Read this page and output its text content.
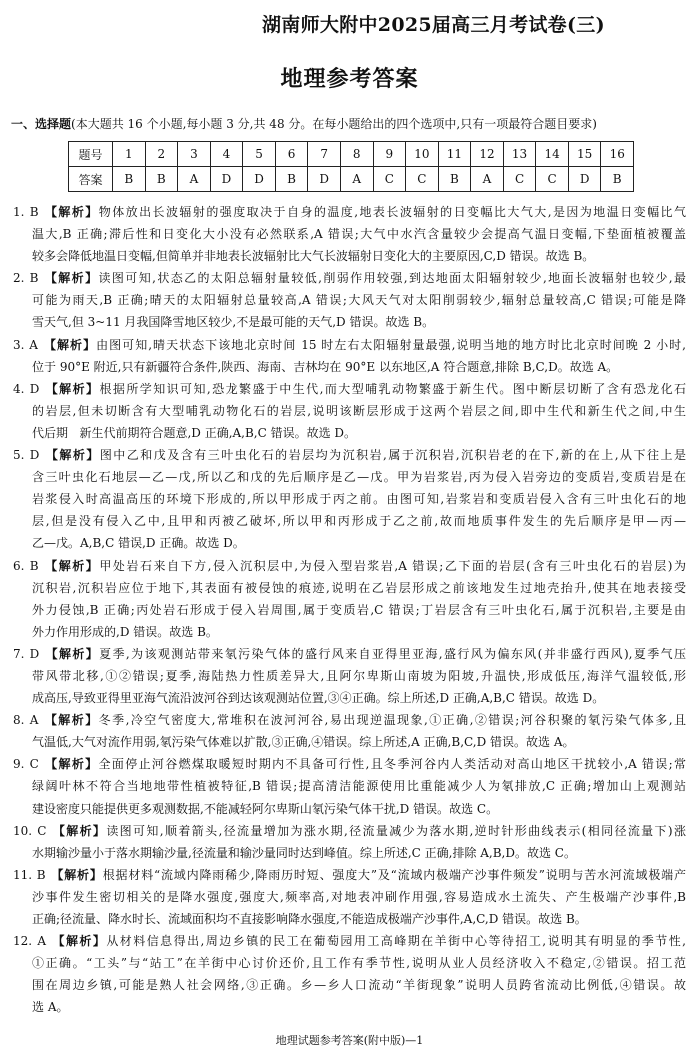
湖南师大附中2025届高三月考试卷(三)
地理参考答案
一、选择题(本大题共 16 个小题,每小题 3 分,共 48 分。在每小题给出的四个选项中,只有一项最符合题目要求)
题号	1	2	3	4	5	6	7	8	9	10	11	12	13	14	15	16
答案	B	B	A	D	D	B	D	A	C	C	B	A	C	C	D	B
1. B 【解析】物体放出长波辐射的强度取决于自身的温度,地表长波辐射的日变幅比大气大,是因为地温日变幅比气
温大,B 正确;滞后性和日变化大小没有必然联系,A 错误;大气中水汽含量较少会提高气温日变幅,下垫面植被覆盖
较多会降低地温日变幅,但简单并非地表长波辐射比大气长波辐射日变化大的主要原因,C,D 错误。故选 B。
2. B 【解析】读图可知,状态乙的太阳总辐射量较低,削弱作用较强,到达地面太阳辐射较少,地面长波辐射也较少,最
可能为雨天,B 正确;晴天的太阳辐射总量较高,A 错误;大风天气对太阳削弱较少,辐射总量较高,C 错误;可能是降
雪天气,但 3~11 月我国降雪地区较少,不是最可能的天气,D 错误。故选 B。
3. A 【解析】由图可知,晴天状态下该地北京时间 15 时左右太阳辐射量最强,说明当地的地方时比北京时间晚 2 小时,
位于 90°E 附近,只有新疆符合条件,陕西、海南、吉林均在 90°E 以东地区,A 符合题意,排除 B,C,D。故选 A。
4. D 【解析】根据所学知识可知,恐龙繁盛于中生代,而大型哺乳动物繁盛于新生代。图中断层切断了含有恐龙化石
的岩层,但未切断含有大型哺乳动物化石的岩层,说明该断层形成于这两个岩层之间,即中生代和新生代之间,中生
代后期   新生代前期符合题意,D 正确,A,B,C 错误。故选 D。
5. D 【解析】图中乙和戊及含有三叶虫化石的岩层均为沉积岩,属于沉积岩,沉积岩老的在下,新的在上,从下往上是
含三叶虫化石地层—乙—戊,所以乙和戊的先后顺序是乙—戊。甲为岩浆岩,丙为侵入岩旁边的变质岩,变质岩是在
岩浆侵入时高温高压的环境下形成的,所以甲形成于丙之前。由图可知,岩浆岩和变质岩侵入含有三叶虫化石的地
层,但是没有侵入乙中,且甲和丙被乙破坏,所以甲和丙形成于乙之前,故而地质事件发生的先后顺序是甲—丙—
乙—戊。A,B,C 错误,D 正确。故选 D。
6. B 【解析】甲处岩石来自下方,侵入沉积层中,为侵入型岩浆岩,A 错误;乙下面的岩层(含有三叶虫化石的岩层)为
沉积岩,沉积岩应位于地下,其表面有被侵蚀的痕迹,说明在乙岩层形成之前该地发生过地壳抬升,使其在地表接受
外力侵蚀,B 正确;丙处岩石形成于侵入岩周围,属于变质岩,C 错误;丁岩层含有三叶虫化石,属于沉积岩,主要是由
外力作用形成的,D 错误。故选 B。
7. D 【解析】夏季,为该观测站带来氡污染气体的盛行风来自亚得里亚海,盛行风为偏东风(并非盛行西风),夏季气压
带风带北移,①②错误;夏季,海陆热力性质差异大,且阿尔卑斯山南坡为阳坡,升温快,形成低压,海洋气温较低,形
成高压,导致亚得里亚海气流沿波河谷到达该观测站位置,③④正确。综上所述,D 正确,A,B,C 错误。故选 D。
8. A 【解析】冬季,冷空气密度大,常堆积在波河河谷,易出现逆温现象,①正确,②错误;河谷积聚的氡污染气体多,且
气温低,大气对流作用弱,氡污染气体难以扩散,③正确,④错误。综上所述,A 正确,B,C,D 错误。故选 A。
9. C 【解析】全面停止河谷燃煤取暖短时期内不具备可行性,且冬季河谷内人类活动对高山地区干扰较小,A 错误;常
绿阔叶林不符合当地地带性植被特征,B 错误;提高清洁能源使用比重能减少人为氡排放,C 正确;增加山上观测站
建设密度只能提供更多观测数据,不能减轻阿尔卑斯山氡污染气体干扰,D 错误。故选 C。
10. C 【解析】读图可知,顺着箭头,径流量增加为涨水期,径流量减少为落水期,逆时针形曲线表示(相同径流量下)涨
水期输沙量小于落水期输沙量,径流量和输沙量同时达到峰值。综上所述,C 正确,排除 A,B,D。故选 C。
11. B 【解析】根据材料“流域内降雨稀少,降雨历时短、强度大”及“流域内极端产沙事件频发”说明与苦水河流域极端产
沙事件发生密切相关的是降水强度,强度大,频率高,对地表冲刷作用强,容易造成水土流失、产生极端产沙事件,B
正确;径流量、降水时长、流域面积均不直接影响降水强度,不能造成极端产沙事件,A,C,D 错误。故选 B。
12. A 【解析】从材料信息得出,周边乡镇的民工在葡萄园用工高峰期在羊街中心等待招工,说明其有明显的季节性,
①正确。“工头”与“站工”在羊街中心讨价还价,且工作有季节性,说明从业人员经济收入不稳定,②错误。招工范
围在周边乡镇,可能是熟人社会网络,③正确。乡—乡人口流动“羊街现象”说明人员跨省流动比例低,④错误。故
选 A。
地理试题参考答案(附中版)—1
